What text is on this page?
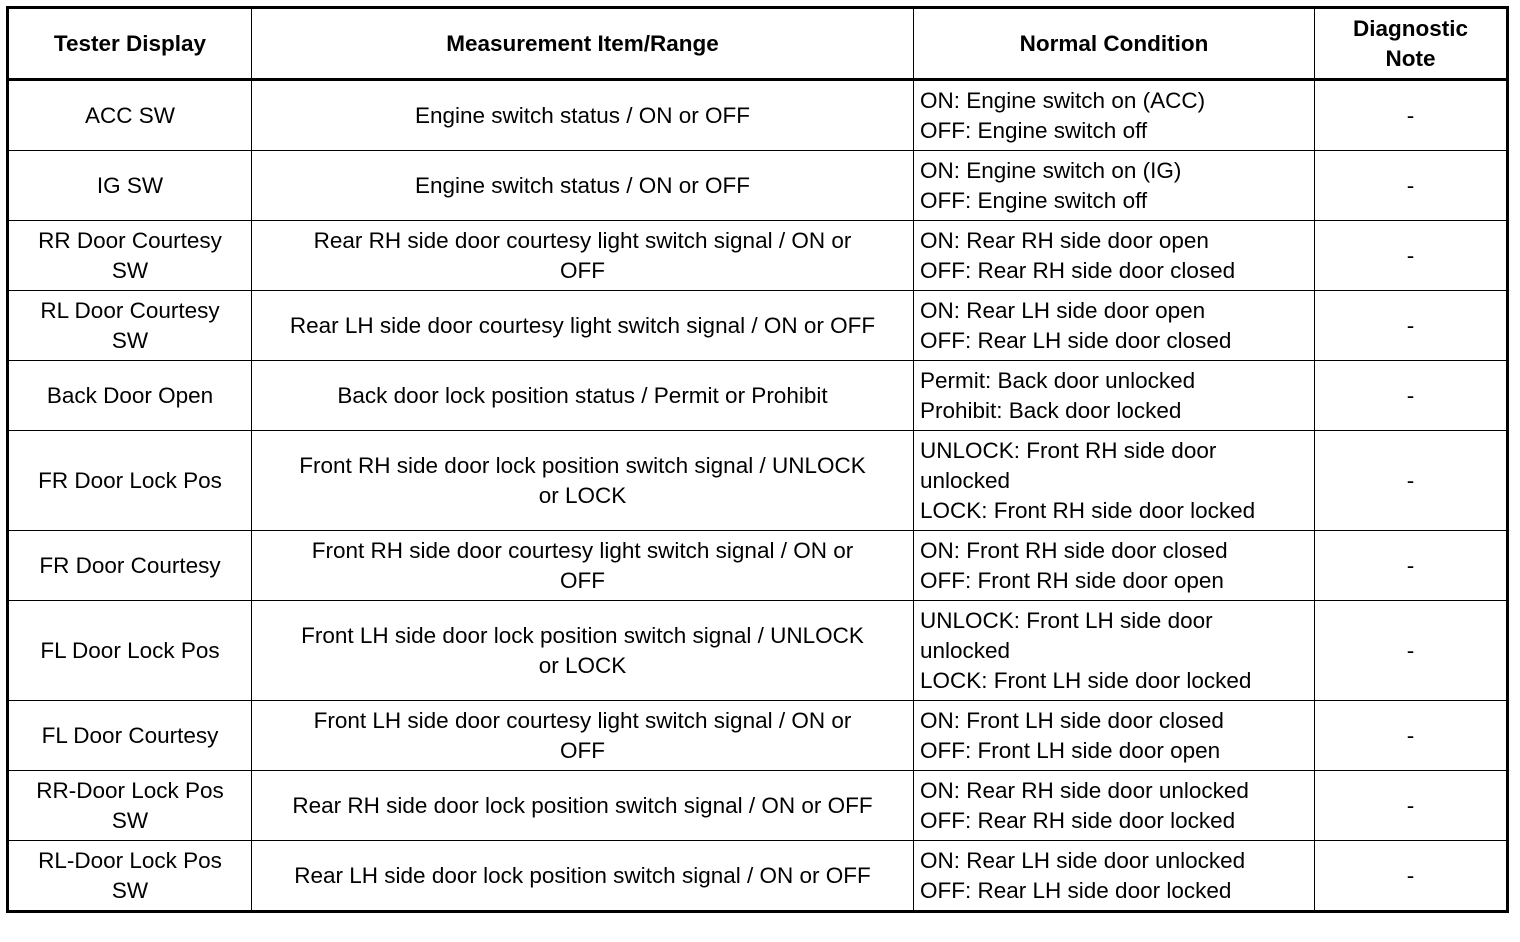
Tester Display	Measurement Item/Range	Normal Condition	Diagnostic
Note

ACC SW	Engine switch status / ON or OFF	ON: Engine switch on (ACC)
OFF: Engine switch off	-

IG SW	Engine switch status / ON or OFF	ON: Engine switch on (IG)
OFF: Engine switch off	-

RR Door Courtesy
SW	Rear RH side door courtesy light switch signal / ON or
OFF	ON: Rear RH side door open
OFF: Rear RH side door closed	-

RL Door Courtesy
SW	Rear LH side door courtesy light switch signal / ON or OFF	ON: Rear LH side door open
OFF: Rear LH side door closed	-

Back Door Open	Back door lock position status / Permit or Prohibit	Permit: Back door unlocked
Prohibit: Back door locked	-

FR Door Lock Pos	Front RH side door lock position switch signal / UNLOCK
or LOCK	UNLOCK: Front RH side door
unlocked
LOCK: Front RH side door locked	-

FR Door Courtesy	Front RH side door courtesy light switch signal / ON or
OFF	ON: Front RH side door closed
OFF: Front RH side door open	-

FL Door Lock Pos	Front LH side door lock position switch signal / UNLOCK
or LOCK	UNLOCK: Front LH side door
unlocked
LOCK: Front LH side door locked	-

FL Door Courtesy	Front LH side door courtesy light switch signal / ON or
OFF	ON: Front LH side door closed
OFF: Front LH side door open	-

RR-Door Lock Pos
SW	Rear RH side door lock position switch signal / ON or OFF	ON: Rear RH side door unlocked
OFF: Rear RH side door locked	-

RL-Door Lock Pos
SW	Rear LH side door lock position switch signal / ON or OFF	ON: Rear LH side door unlocked
OFF: Rear LH side door locked	-
